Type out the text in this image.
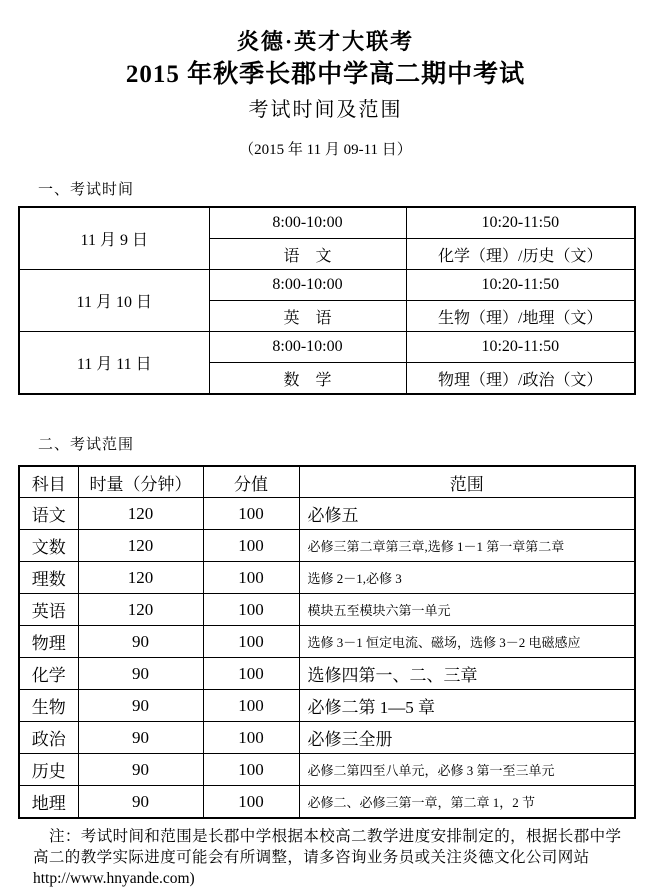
炎德·英才大联考
2015 年秋季长郡中学高二期中考试
考试时间及范围
（2015 年 11 月 09-11 日）
一、考试时间
11 月 9 日	8:00-10:00	10:20-11:50
	语　文	化学（理）/历史（文）
11 月 10 日	8:00-10:00	10:20-11:50
	英　语	生物（理）/地理（文）
11 月 11 日	8:00-10:00	10:20-11:50
	数　学	物理（理）/政治（文）
二、考试范围
科目	时量（分钟）	分值	范围
语文	120	100	必修五
文数	120	100	必修三第二章第三章,选修 1－1 第一章第二章
理数	120	100	选修 2－1,必修 3
英语	120	100	模块五至模块六第一单元
物理	90	100	选修 3－1 恒定电流、磁场，选修 3－2 电磁感应
化学	90	100	选修四第一、二、三章
生物	90	100	必修二第 1—5 章
政治	90	100	必修三全册
历史	90	100	必修二第四至八单元，必修 3 第一至三单元
地理	90	100	必修二、必修三第一章，第二章 1，2 节
注：考试时间和范围是长郡中学根据本校高二教学进度安排制定的，根据长郡中学
高二的教学实际进度可能会有所调整，请多咨询业务员或关注炎德文化公司网站
http://www.hnyande.com)
